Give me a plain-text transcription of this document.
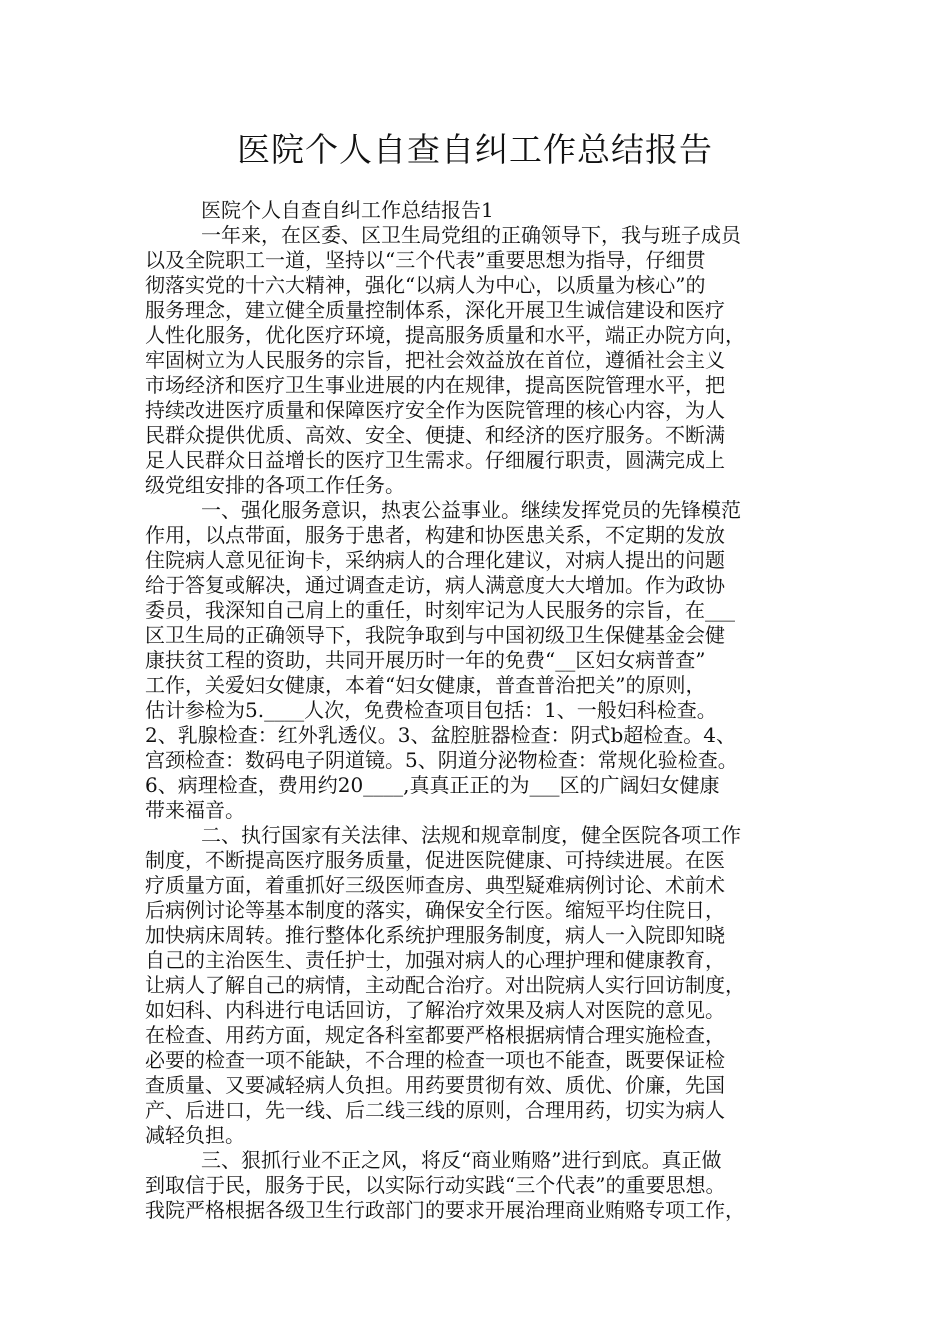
医院个人自查自纠工作总结报告
医院个人自查自纠工作总结报告1
一年来，在区委、区卫生局党组的正确领导下，我与班子成员
以及全院职工一道，坚持以“三个代表”重要思想为指导，仔细贯
彻落实党的十六大精神，强化“以病人为中心，以质量为核心”的
服务理念，建立健全质量控制体系，深化开展卫生诚信建设和医疗
人性化服务，优化医疗环境，提高服务质量和水平，端正办院方向，
牢固树立为人民服务的宗旨，把社会效益放在首位，遵循社会主义
市场经济和医疗卫生事业进展的内在规律，提高医院管理水平，把
持续改进医疗质量和保障医疗安全作为医院管理的核心内容，为人
民群众提供优质、高效、安全、便捷、和经济的医疗服务。不断满
足人民群众日益增长的医疗卫生需求。仔细履行职责，圆满完成上
级党组安排的各项工作任务。
一、强化服务意识，热衷公益事业。继续发挥党员的先锋模范
作用，以点带面，服务于患者，构建和协医患关系，不定期的发放
住院病人意见征询卡，采纳病人的合理化建议，对病人提出的问题
给于答复或解决，通过调查走访，病人满意度大大增加。作为政协
委员，我深知自己肩上的重任，时刻牢记为人民服务的宗旨，在___
区卫生局的正确领导下，我院争取到与中国初级卫生保健基金会健
康扶贫工程的资助，共同开展历时一年的免费“__区妇女病普查”
工作，关爱妇女健康，本着“妇女健康，普查普治把关”的原则，
估计参检为5.____人次，免费检查项目包括：1、一般妇科检查。
2、乳腺检查：红外乳透仪。3、盆腔脏器检查：阴式b超检查。4、
宫颈检查：数码电子阴道镜。5、阴道分泌物检查：常规化验检查。
6、病理检查，费用约20____,真真正正的为___区的广阔妇女健康
带来福音。
二、执行国家有关法律、法规和规章制度，健全医院各项工作
制度，不断提高医疗服务质量，促进医院健康、可持续进展。在医
疗质量方面，着重抓好三级医师查房、典型疑难病例讨论、术前术
后病例讨论等基本制度的落实，确保安全行医。缩短平均住院日，
加快病床周转。推行整体化系统护理服务制度，病人一入院即知晓
自己的主治医生、责任护士，加强对病人的心理护理和健康教育，
让病人了解自己的病情，主动配合治疗。对出院病人实行回访制度，
如妇科、内科进行电话回访，了解治疗效果及病人对医院的意见。
在检查、用药方面，规定各科室都要严格根据病情合理实施检查，
必要的检查一项不能缺，不合理的检查一项也不能查，既要保证检
查质量、又要减轻病人负担。用药要贯彻有效、质优、价廉，先国
产、后进口，先一线、后二线三线的原则，合理用药，切实为病人
减轻负担。
三、狠抓行业不正之风，将反“商业贿赂”进行到底。真正做
到取信于民，服务于民，以实际行动实践“三个代表”的重要思想。
我院严格根据各级卫生行政部门的要求开展治理商业贿赂专项工作，
